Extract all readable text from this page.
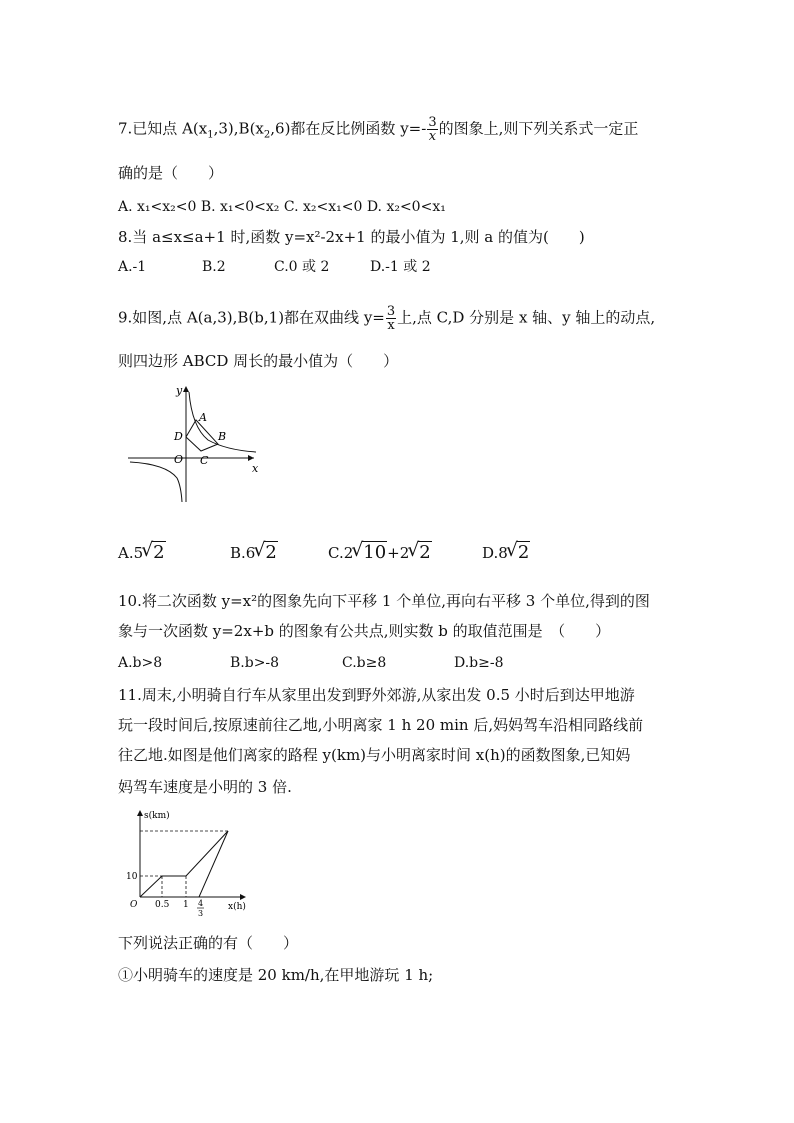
7.已知点 $A(x_1,3),B(x_2,6)$都在反比例函数 $y=- \frac{3}{x}$ 的图象上,则下列关系式一定正
确的是（　　）
A. x₁<x₂<0 B. x₁<0<x₂ C. x₂<x₁<0 D. x₂<0<x₁
8.当 a≤x≤a+1 时,函数 y=x²-2x+1 的最小值为 1,则 a 的值为(　　)
A.-1	B.2	C.0 或 2	D.-1 或 2
9.如图,点 A(a,3),B(b,1)都在双曲线 $y= \frac{3}{x}$ 上,点 C,D 分别是 x 轴、y 轴上的动点,
则四边形 ABCD 周长的最小值为（　　）
y
x
A
B
C
D
O
A.5 √ 2	B.6 √ 2	C.2 √ 10+2 √ 2	D.8 √ 2
10.将二次函数 y=x²的图象先向下平移 1 个单位,再向右平移 3 个单位,得到的图
象与一次函数 y=2x+b 的图象有公共点,则实数 b 的取值范围是　（　　）
A.b>8	B.b>-8	C.b≥8	D.b≥-8
11.周末,小明骑自行车从家里出发到野外郊游,从家出发 0.5 小时后到达甲地游
玩一段时间后,按原速前往乙地,小明离家 1 h 20 min 后,妈妈驾车沿相同路线前
往乙地.如图是他们离家的路程 y(km)与小明离家时间 x(h)的函数图象,已知妈
妈驾车速度是小明的 3 倍.
s(km)
10
O 0.5 1 4
3
x(h)
下列说法正确的有（　　）
①小明骑车的速度是 20 km/h,在甲地游玩 1 h;
